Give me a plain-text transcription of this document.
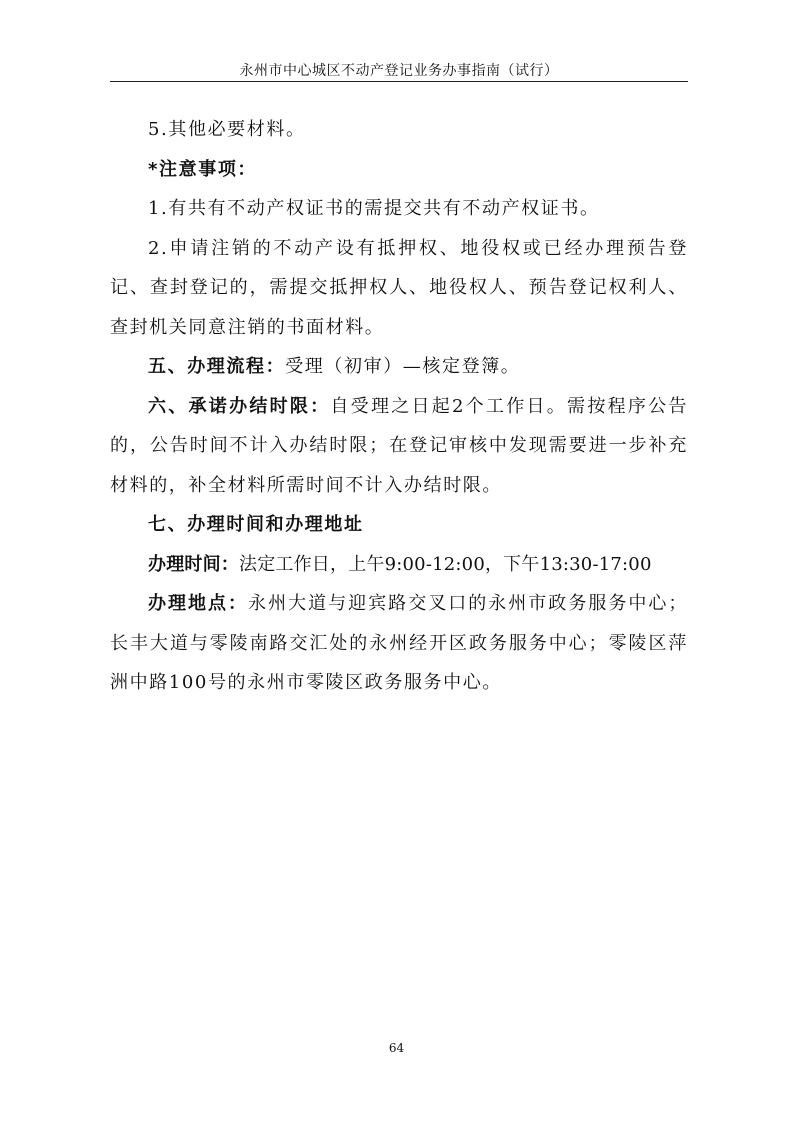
永州市中心城区不动产登记业务办事指南（试行）

5.其他必要材料。

*注意事项：

1.有共有不动产权证书的需提交共有不动产权证书。

2.申请注销的不动产设有抵押权、地役权或已经办理预告登记、查封登记的，需提交抵押权人、地役权人、预告登记权利人、查封机关同意注销的书面材料。

五、办理流程：受理（初审）—核定登簿。

六、承诺办结时限：自受理之日起2个工作日。需按程序公告的，公告时间不计入办结时限；在登记审核中发现需要进一步补充材料的，补全材料所需时间不计入办结时限。

七、办理时间和办理地址

办理时间：法定工作日，上午9:00-12:00，下午13:30-17:00

办理地点：永州大道与迎宾路交叉口的永州市政务服务中心；长丰大道与零陵南路交汇处的永州经开区政务服务中心；零陵区萍洲中路100号的永州市零陵区政务服务中心。

64
